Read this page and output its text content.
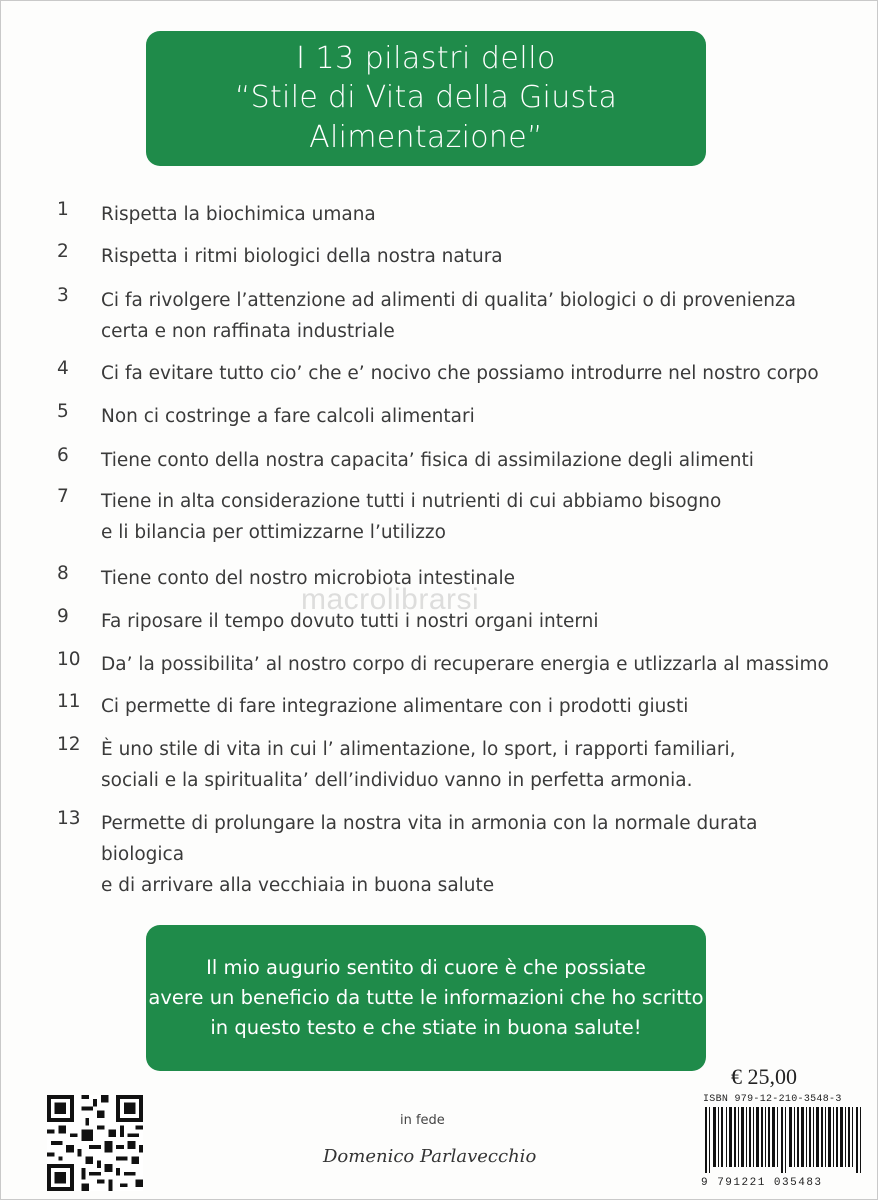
I 13 pilastri dello
“Stile di Vita della Giusta Alimentazione”
1 Rispetta la biochimica umana
2 Rispetta i ritmi biologici della nostra natura
3 Ci fa rivolgere l’attenzione ad alimenti di qualita’ biologici o di provenienza
certa e non raffinata industriale
4 Ci fa evitare tutto cio’ che e’ nocivo che possiamo introdurre nel nostro corpo
5 Non ci costringe a fare calcoli alimentari
6 Tiene conto della nostra capacita’ fisica di assimilazione degli alimenti
7 Tiene in alta considerazione tutti i nutrienti di cui abbiamo bisogno
e li bilancia per ottimizzarne l’utilizzo
8 Tiene conto del nostro microbiota intestinale
9 Fa riposare il tempo dovuto tutti i nostri organi interni
10 Da’ la possibilita’ al nostro corpo di recuperare energia e utlizzarla al massimo
11 Ci permette di fare integrazione alimentare con i prodotti giusti
12 È uno stile di vita in cui l’ alimentazione, lo sport, i rapporti familiari,
sociali e la spiritualita’ dell’individuo vanno in perfetta armonia.
13 Permette di prolungare la nostra vita in armonia con la normale durata biologica
e di arrivare alla vecchiaia in buona salute
macrolibrarsi
Il mio augurio sentito di cuore è che possiate
avere un beneficio da tutte le informazioni che ho scritto
in questo testo e che stiate in buona salute!
€ 25,00
ISBN 979-12-210-3548-3
9 791221 035483
in fede
Domenico Parlavecchio
